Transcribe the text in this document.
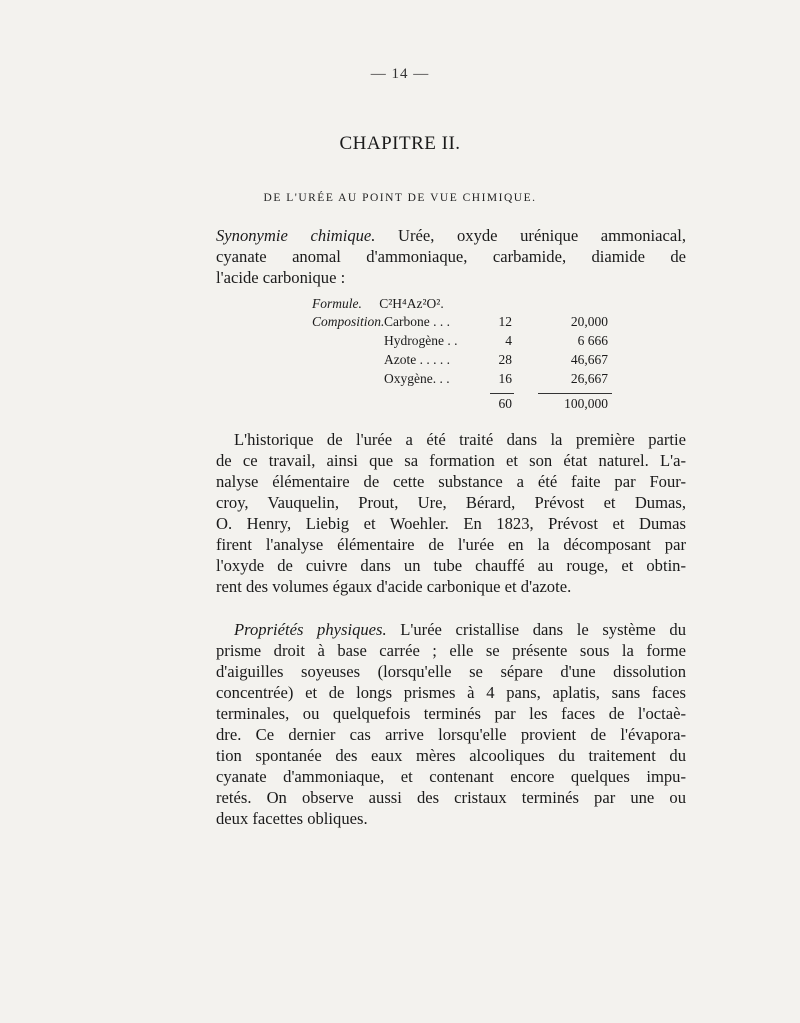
— 14 —
CHAPITRE II.
DE L'URÉE AU POINT DE VUE CHIMIQUE.
Synonymie chimique. Urée, oxyde urénique ammoniacal,
cyanate anomal d'ammoniaque, carbamide, diamide de
l'acide carbonique :
Formule. C²H⁴Az²O².
Composition. Carbone . . .	12	20,000
Hydrogène . .	4	6 666
Azote . . . . .	28	46,667
Oxygène. . .	16	26,667
60	100,000
L'historique de l'urée a été traité dans la première partie
de ce travail, ainsi que sa formation et son état naturel. L'a-
nalyse élémentaire de cette substance a été faite par Four-
croy, Vauquelin, Prout, Ure, Bérard, Prévost et Dumas,
O. Henry, Liebig et Woehler. En 1823, Prévost et Dumas
firent l'analyse élémentaire de l'urée en la décomposant par
l'oxyde de cuivre dans un tube chauffé au rouge, et obtin-
rent des volumes égaux d'acide carbonique et d'azote.
Propriétés physiques. L'urée cristallise dans le système du
prisme droit à base carrée ; elle se présente sous la forme
d'aiguilles soyeuses (lorsqu'elle se sépare d'une dissolution
concentrée) et de longs prismes à 4 pans, aplatis, sans faces
terminales, ou quelquefois terminés par les faces de l'octaè-
dre. Ce dernier cas arrive lorsqu'elle provient de l'évapora-
tion spontanée des eaux mères alcooliques du traitement du
cyanate d'ammoniaque, et contenant encore quelques impu-
retés. On observe aussi des cristaux terminés par une ou
deux facettes obliques.
